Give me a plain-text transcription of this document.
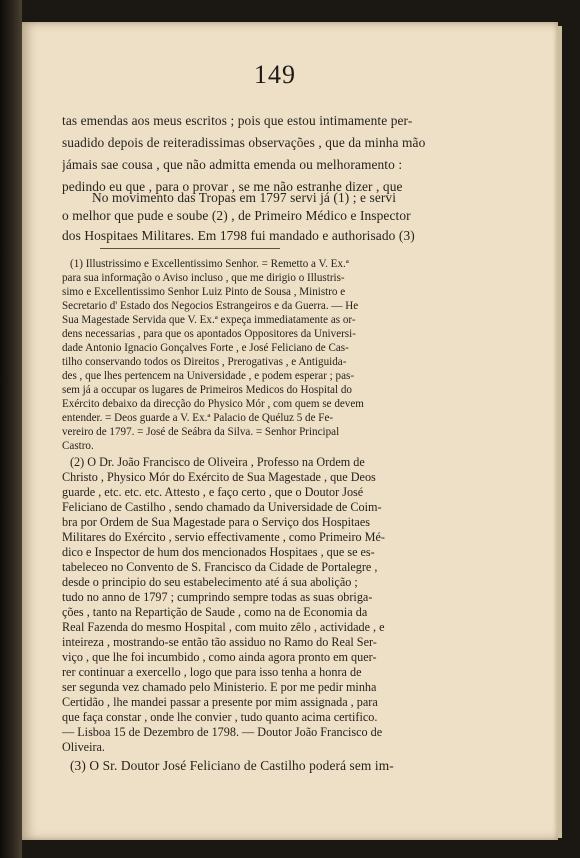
149
tas emendas aos meus escritos ; pois que estou intimamente per-
suadido depois de reiteradissimas observações , que da minha mão
jámais sae cousa , que não admitta emenda ou melhoramento :
pedindo eu que , para o provar , se me não estranhe dizer , que
No movimento das Tropas em 1797 servi já (1) ; e servi
o melhor que pude e soube (2) , de Primeiro Médico e Inspector
dos Hospitaes Militares. Em 1798 fui mandado e authorisado (3)
(1) Illustrissimo e Excellentissimo Senhor. = Remetto a V. Ex.ª
para sua informação o Aviso incluso , que me dirigio o Illustris-
simo e Excellentissimo Senhor Luiz Pinto de Sousa , Ministro e
Secretario d' Estado dos Negocios Estrangeiros e da Guerra. — He
Sua Magestade Servida que V. Ex.ª expeça immediatamente as or-
dens necessarias , para que os apontados Oppositores da Universi-
dade Antonio Ignacio Gonçalves Forte , e José Feliciano de Cas-
tilho conservando todos os Direitos , Prerogativas , e Antiguida-
des , que lhes pertencem na Universidade , e podem esperar ; pas-
sem já a occupar os lugares de Primeiros Medicos do Hospital do
Exército debaixo da direcção do Physico Mór , com quem se devem
entender. = Deos guarde a V. Ex.ª Palacio de Quéluz 5 de Fe-
vereiro de 1797. = José de Seábra da Silva. = Senhor Principal
Castro.
(2) O Dr. João Francisco de Oliveira , Professo na Ordem de
Christo , Physico Mór do Exército de Sua Magestade , que Deos
guarde , etc. etc. etc. Attesto , e faço certo , que o Doutor José
Feliciano de Castilho , sendo chamado da Universidade de Coim-
bra por Ordem de Sua Magestade para o Serviço dos Hospitaes
Militares do Exército , servio effectivamente , como Primeiro Mé-
dico e Inspector de hum dos mencionados Hospitaes , que se es-
tabeleceo no Convento de S. Francisco da Cidade de Portalegre ,
desde o principio do seu estabelecimento até á sua abolição ;
tudo no anno de 1797 ; cumprindo sempre todas as suas obriga-
ções , tanto na Repartição de Saude , como na de Economia da
Real Fazenda do mesmo Hospital , com muito zêlo , actividade , e
inteireza , mostrando-se então tão assiduo no Ramo do Real Ser-
viço , que lhe foi incumbido , como ainda agora pronto em quer-
rer continuar a exercello , logo que para isso tenha a honra de
ser segunda vez chamado pelo Ministerio. E por me pedir minha
Certidão , lhe mandei passar a presente por mim assignada , para
que faça constar , onde lhe convier , tudo quanto acima certifico.
— Lisboa 15 de Dezembro de 1798. — Doutor João Francisco de
Oliveira.
(3) O Sr. Doutor José Feliciano de Castilho poderá sem im-
